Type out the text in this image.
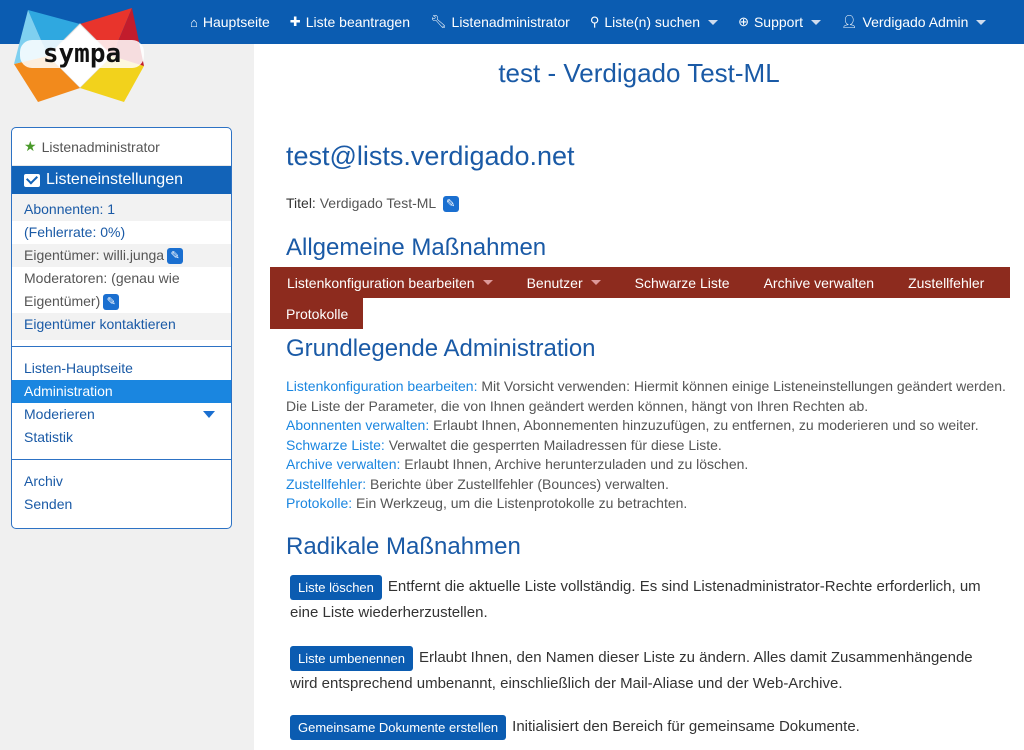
⌂ Hauptseite ✚ Liste beantragen 🔧︎ Listenadministrator ⚲ Liste(n) suchen	⊕ Support	👤︎ Verdigado Admin
sympa
test - Verdigado Test-ML
★ Listenadministrator
Listeneinstellungen
Abonnenten: 1
(Fehlerrate: 0%)
Eigentümer: willi.junga ✎
Moderatoren: (genau wie Eigentümer) ✎
Eigentümer kontaktieren
Listen-Hauptseite
Administration
Moderieren
Statistik
Archiv
Senden
test@lists.verdigado.net
Titel: Verdigado Test-ML ✎
Allgemeine Maßnahmen
Listenkonfiguration bearbeiten	Benutzer	Schwarze Liste Archive verwalten Zustellfehler
Protokolle
Grundlegende Administration
Listenkonfiguration bearbeiten: Mit Vorsicht verwenden: Hiermit können einige Listeneinstellungen geändert werden. Die Liste der Parameter, die von Ihnen geändert werden können, hängt von Ihren Rechten ab.
Abonnenten verwalten: Erlaubt Ihnen, Abonnementen hinzuzufügen, zu entfernen, zu moderieren und so weiter.
Schwarze Liste: Verwaltet die gesperrten Mailadressen für diese Liste.
Archive verwalten: Erlaubt Ihnen, Archive herunterzuladen und zu löschen.
Zustellfehler: Berichte über Zustellfehler (Bounces) verwalten.
Protokolle: Ein Werkzeug, um die Listenprotokolle zu betrachten.
Radikale Maßnahmen
Liste löschen Entfernt die aktuelle Liste vollständig. Es sind Listenadministrator-Rechte erforderlich, um eine Liste wiederherzustellen.
Liste umbenennen Erlaubt Ihnen, den Namen dieser Liste zu ändern. Alles damit Zusammenhängende wird entsprechend umbenannt, einschließlich der Mail-Aliase und der Web-Archive.
Gemeinsame Dokumente erstellen Initialisiert den Bereich für gemeinsame Dokumente.
